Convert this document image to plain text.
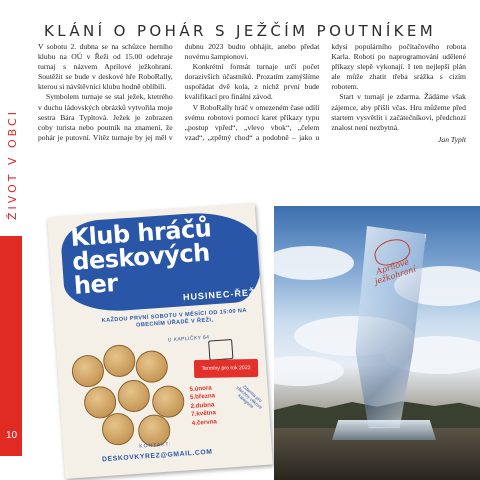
ŽIVOT V OBCI
10
KLÁNÍ O POHÁR S JEŽČÍM POUTNÍKEM

V sobotu 2. dubna se na schůzce herního klubu na OÚ v Řeži od 15.00 odehraje turnaj s názvem Aprílové ježkohraní. Soutěžit se bude v deskové hře RoboRally, kterou si návštěvníci klubu hodně oblíbili.

Symbolem turnaje se stal ježek, ktetrého v duchu ládovských obrázků vytvořila moje sestra Bára Typltová. Ježek je zobrazen coby turista nebo poutník na znamení, že pohár je putovní. Vítěz turnaje by jej měl v dubnu 2023 budto obhájit, anebo předat novému šampionovi.

Konkrétní formát turnaje určí počet dorazivších účastníků. Prozatím zamýšlíme uspořádat dvě kola, z nichž první bude kvalifikací pro finální závod.

V RoboRally hráč v omezeném čase udílí svému robotovi pomocí karet příkazy typu „postup vpřed“, „vlevo vbok“, „čelem vzad“, „zpětný chod“ a podobně – jako u kdysi populárního počítačového robota Karla. Roboti po naprogramování udělené příkazy slepě vykonají. I ten nejlepší plán ale může zhatit třeba srážka s cizím robotem.

Start v turnají je zdarma. Žádáme však zájemce, aby přišli včas. Hru můžeme před startem vysvětlit i začátečníkovi, předchozí znalost není nezbytná.

Jan Typlt
Klub hráčů deskových her	HUSINEC-ŘEŽ
KAŽDOU PRVNÍ SOBOTU V MĚSÍCI OD 15:00 NA OBECNÍM ÚŘADĚ V ŘEŽI,
U KAPLIČKY 64
Termíny pro rok 2022
5.února
5.března
2.dubna
7.května
4.června
Zdarma pro všechny věkové kategorie
KONTAKT:
DESKOVKYREZ@GMAIL.COM
Aprílové ježkohraní
